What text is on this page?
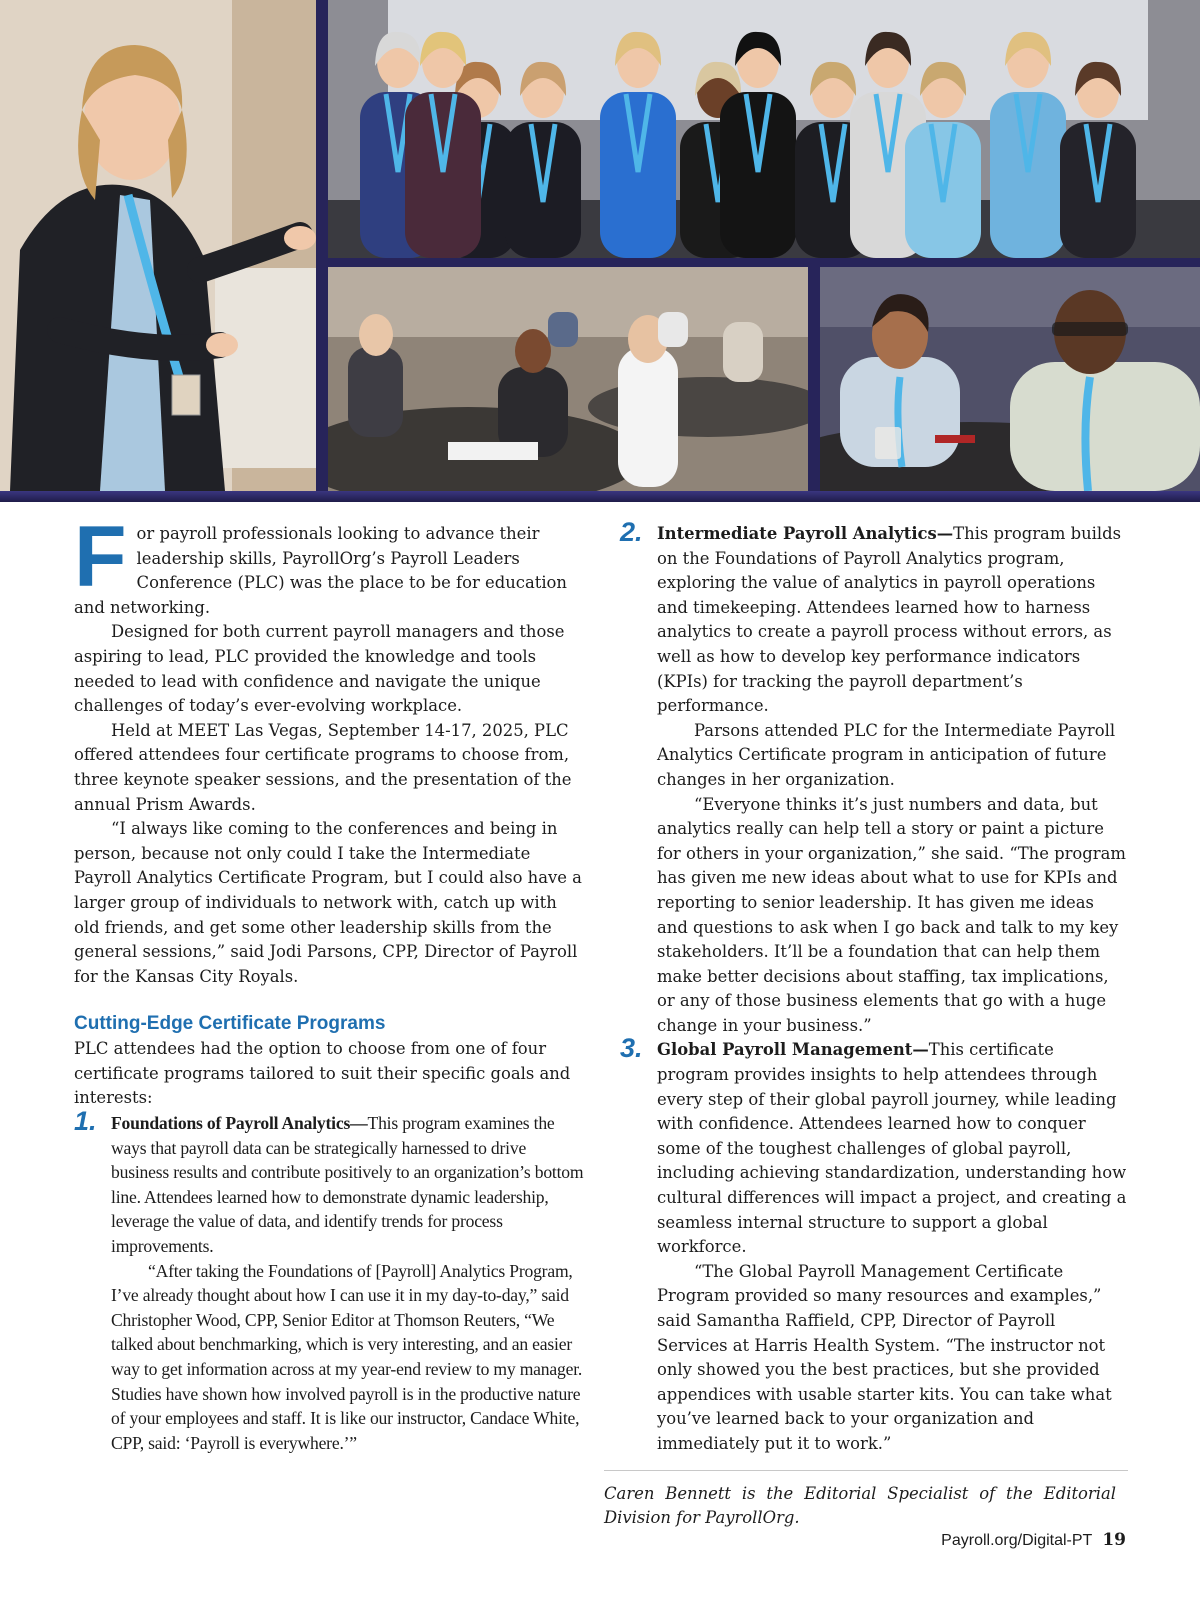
For payroll professionals looking to advance their leadership skills, PayrollOrg’s Payroll Leaders Conference (PLC) was the place to be for education and networking.

Designed for both current payroll managers and those aspiring to lead, PLC provided the knowledge and tools needed to lead with confidence and navigate the unique challenges of today’s ever-evolving workplace.

Held at MEET Las Vegas, September 14-17, 2025, PLC offered attendees four certificate programs to choose from, three keynote speaker sessions, and the presentation of the annual Prism Awards.

“I always like coming to the conferences and being in person, because not only could I take the Intermediate Payroll Analytics Certificate Program, but I could also have a larger group of individuals to network with, catch up with old friends, and get some other leadership skills from the general sessions,” said Jodi Parsons, CPP, Director of Payroll for the Kansas City Royals.

Cutting-Edge Certificate Programs

PLC attendees had the option to choose from one of four certificate programs tailored to suit their specific goals and interests:

1. Foundations of Payroll Analytics—This program examines the ways that payroll data can be strategically harnessed to drive business results and contribute positively to an organization’s bottom line. Attendees learned how to demonstrate dynamic leadership, leverage the value of data, and identify trends for process improvements.

“After taking the Foundations of [Payroll] Analytics Program, I’ve already thought about how I can use it in my day-to-day,” said Christopher Wood, CPP, Senior Editor at Thomson Reuters, “We talked about benchmarking, which is very interesting, and an easier way to get information across at my year-end review to my manager. Studies have shown how involved payroll is in the productive nature of your employees and staff. It is like our instructor, Candace White, CPP, said: ‘Payroll is everywhere.’”

2. Intermediate Payroll Analytics—This program builds on the Foundations of Payroll Analytics program, exploring the value of analytics in payroll operations and timekeeping. Attendees learned how to harness analytics to create a payroll process without errors, as well as how to develop key performance indicators (KPIs) for tracking the payroll department’s performance.

Parsons attended PLC for the Intermediate Payroll Analytics Certificate program in anticipation of future changes in her organization.

“Everyone thinks it’s just numbers and data, but analytics really can help tell a story or paint a picture for others in your organization,” she said. “The program has given me new ideas about what to use for KPIs and reporting to senior leadership. It has given me ideas and questions to ask when I go back and talk to my key stakeholders. It’ll be a foundation that can help them make better decisions about staffing, tax implications, or any of those business elements that go with a huge change in your business.”

3. Global Payroll Management—This certificate program provides insights to help attendees through every step of their global payroll journey, while leading with confidence. Attendees learned how to conquer some of the toughest challenges of global payroll, including achieving standardization, understanding how cultural differences will impact a project, and creating a seamless internal structure to support a global workforce.

“The Global Payroll Management Certificate Program provided so many resources and examples,” said Samantha Raffield, CPP, Director of Payroll Services at Harris Health System. “The instructor not only showed you the best practices, but she provided appendices with usable starter kits. You can take what you’ve learned back to your organization and immediately put it to work.”

Caren Bennett is the Editorial Specialist of the Editorial Division for PayrollOrg.

Payroll.org/Digital-PT 19
